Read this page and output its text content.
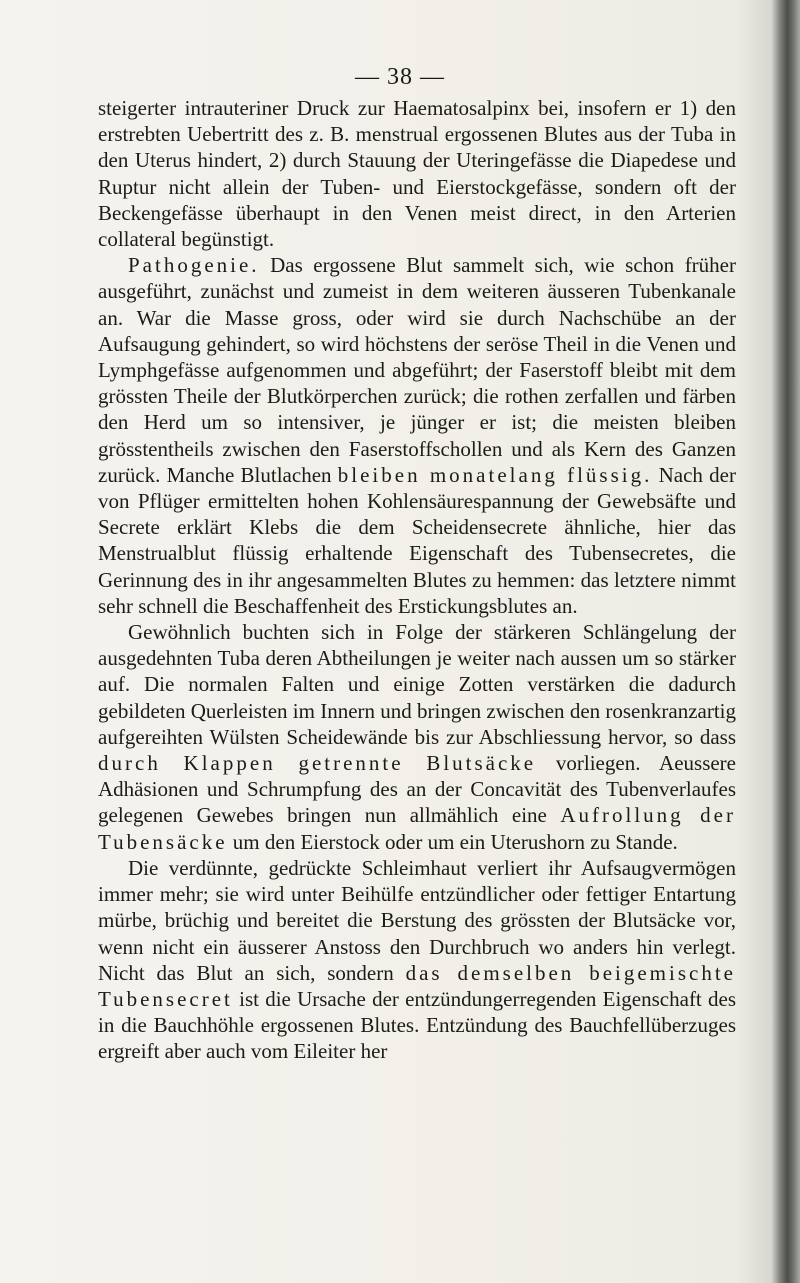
— 38 —

steigerter intrauteriner Druck zur Haematosalpinx bei, insofern er 1) den erstrebten Uebertritt des z. B. menstrual ergossenen Blutes aus der Tuba in den Uterus hindert, 2) durch Stauung der Uteringefässe die Diapedese und Ruptur nicht allein der Tuben- und Eierstockgefässe, sondern oft der Beckengefässe überhaupt in den Venen meist direct, in den Arterien collateral begünstigt.

Pathogenie. Das ergossene Blut sammelt sich, wie schon früher ausgeführt, zunächst und zumeist in dem weiteren äusseren Tubenkanale an. War die Masse gross, oder wird sie durch Nachschübe an der Aufsaugung gehindert, so wird höchstens der seröse Theil in die Venen und Lymphgefässe aufgenommen und abgeführt; der Faserstoff bleibt mit dem grössten Theile der Blutkörperchen zurück; die rothen zerfallen und färben den Herd um so intensiver, je jünger er ist; die meisten bleiben grösstentheils zwischen den Faserstoffschollen und als Kern des Ganzen zurück. Manche Blutlachen bleiben monatelang flüssig. Nach der von Pflüger ermittelten hohen Kohlensäurespannung der Gewebsäfte und Secrete erklärt Klebs die dem Scheidensecrete ähnliche, hier das Menstrualblut flüssig erhaltende Eigenschaft des Tubensecretes, die Gerinnung des in ihr angesammelten Blutes zu hemmen: das letztere nimmt sehr schnell die Beschaffenheit des Erstickungsblutes an.

Gewöhnlich buchten sich in Folge der stärkeren Schlängelung der ausgedehnten Tuba deren Abtheilungen je weiter nach aussen um so stärker auf. Die normalen Falten und einige Zotten verstärken die dadurch gebildeten Querleisten im Innern und bringen zwischen den rosenkranzartig aufgereihten Wülsten Scheidewände bis zur Abschliessung hervor, so dass durch Klappen getrennte Blutsäcke vorliegen. Aeussere Adhäsionen und Schrumpfung des an der Concavität des Tubenverlaufes gelegenen Gewebes bringen nun allmählich eine Aufrollung der Tubensäcke um den Eierstock oder um ein Uterushorn zu Stande.

Die verdünnte, gedrückte Schleimhaut verliert ihr Aufsaugvermögen immer mehr; sie wird unter Beihülfe entzündlicher oder fettiger Entartung mürbe, brüchig und bereitet die Berstung des grössten der Blutsäcke vor, wenn nicht ein äusserer Anstoss den Durchbruch wo anders hin verlegt. Nicht das Blut an sich, sondern das demselben beigemischte Tubensecret ist die Ursache der entzündungerregenden Eigenschaft des in die Bauchhöhle ergossenen Blutes. Entzündung des Bauchfellüberzuges ergreift aber auch vom Eileiter her
